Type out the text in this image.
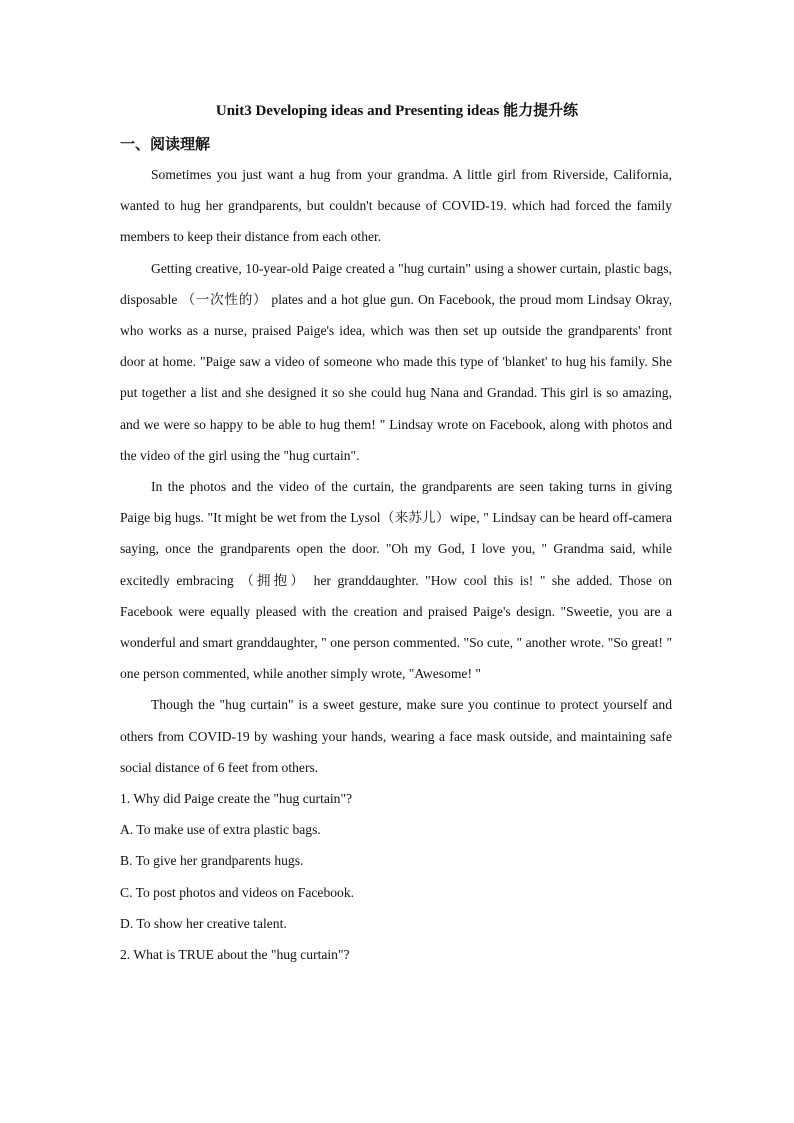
Unit3 Developing ideas and Presenting ideas 能力提升练
一、阅读理解

Sometimes you just want a hug from your grandma. A little girl from Riverside, California, wanted to hug her grandparents, but couldn't because of COVID-19. which had forced the family members to keep their distance from each other.

Getting creative, 10-year-old Paige created a "hug curtain" using a shower curtain, plastic bags, disposable （一次性的） plates and a hot glue gun. On Facebook, the proud mom Lindsay Okray, who works as a nurse, praised Paige's idea, which was then set up outside the grandparents' front door at home. "Paige saw a video of someone who made this type of 'blanket' to hug his family. She put together a list and she designed it so she could hug Nana and Grandad. This girl is so amazing, and we were so happy to be able to hug them! " Lindsay wrote on Facebook, along with photos and the video of the girl using the "hug curtain".

In the photos and the video of the curtain, the grandparents are seen taking turns in giving Paige big hugs. "It might be wet from the Lysol（来苏儿）wipe, " Lindsay can be heard off-camera saying, once the grandparents open the door. "Oh my God, I love you, " Grandma said, while excitedly embracing （拥抱） her granddaughter. "How cool this is! " she added. Those on Facebook were equally pleased with the creation and praised Paige's design. "Sweetie, you are a wonderful and smart granddaughter, " one person commented. "So cute, " another wrote. "So great! " one person commented, while another simply wrote, "Awesome! "

Though the "hug curtain" is a sweet gesture, make sure you continue to protect yourself and others from COVID-19 by washing your hands, wearing a face mask outside, and maintaining safe social distance of 6 feet from others.

1. Why did Paige create the "hug curtain"?

A. To make use of extra plastic bags.

B. To give her grandparents hugs.

C. To post photos and videos on Facebook.

D. To show her creative talent.

2. What is TRUE about the "hug curtain"?
